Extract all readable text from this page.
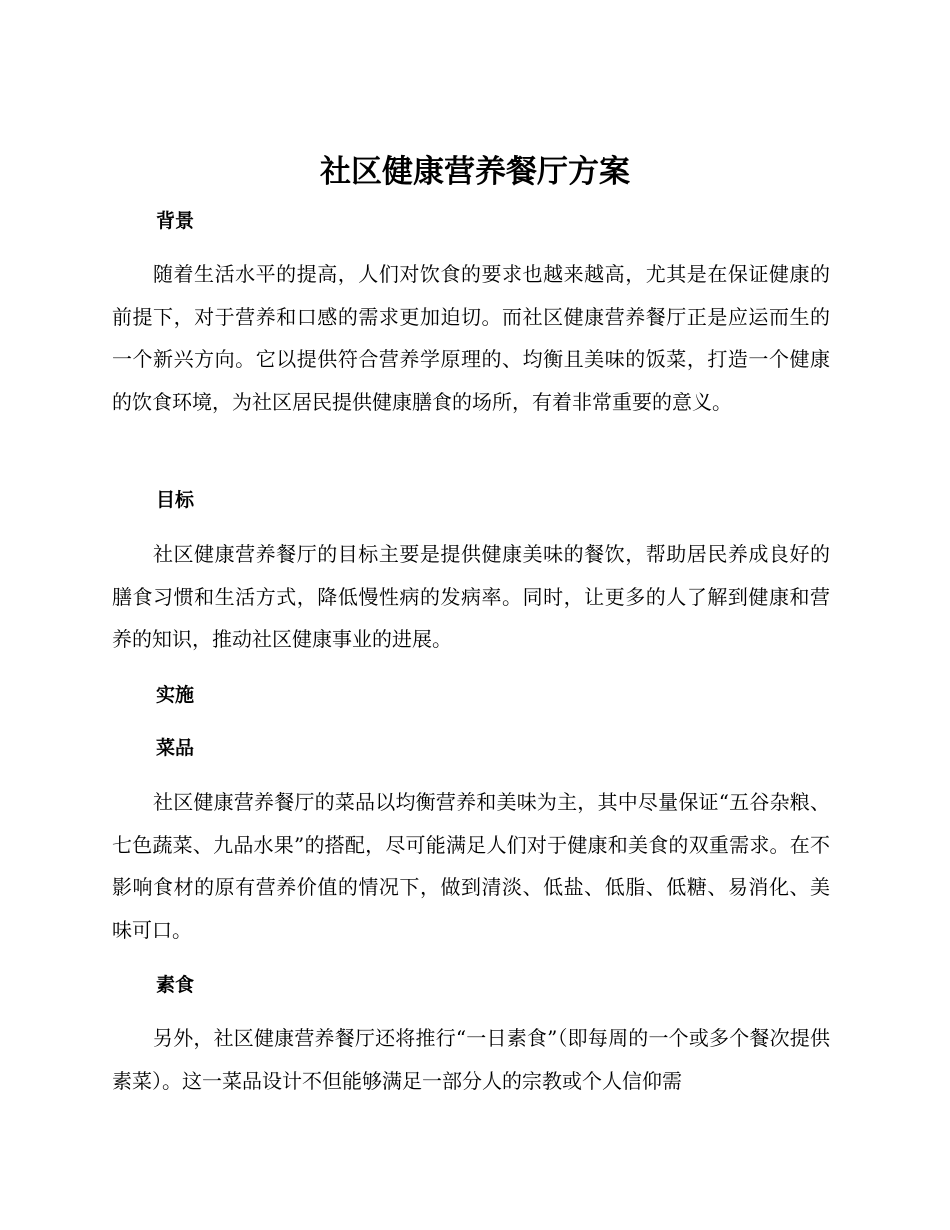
社区健康营养餐厅方案
背景

随着生活水平的提高，人们对饮食的要求也越来越高，尤其是在保证健康的前提下，对于营养和口感的需求更加迫切。而社区健康营养餐厅正是应运而生的一个新兴方向。它以提供符合营养学原理的、均衡且美味的饭菜，打造一个健康的饮食环境，为社区居民提供健康膳食的场所，有着非常重要的意义。

目标

社区健康营养餐厅的目标主要是提供健康美味的餐饮，帮助居民养成良好的膳食习惯和生活方式，降低慢性病的发病率。同时，让更多的人了解到健康和营养的知识，推动社区健康事业的进展。

实施
菜品

社区健康营养餐厅的菜品以均衡营养和美味为主，其中尽量保证“五谷杂粮、七色蔬菜、九品水果”的搭配，尽可能满足人们对于健康和美食的双重需求。在不影响食材的原有营养价值的情况下，做到清淡、低盐、低脂、低糖、易消化、美味可口。

素食

另外，社区健康营养餐厅还将推行“一日素食”（即每周的一个或多个餐次提供素菜）。这一菜品设计不但能够满足一部分人的宗教或个人信仰需
